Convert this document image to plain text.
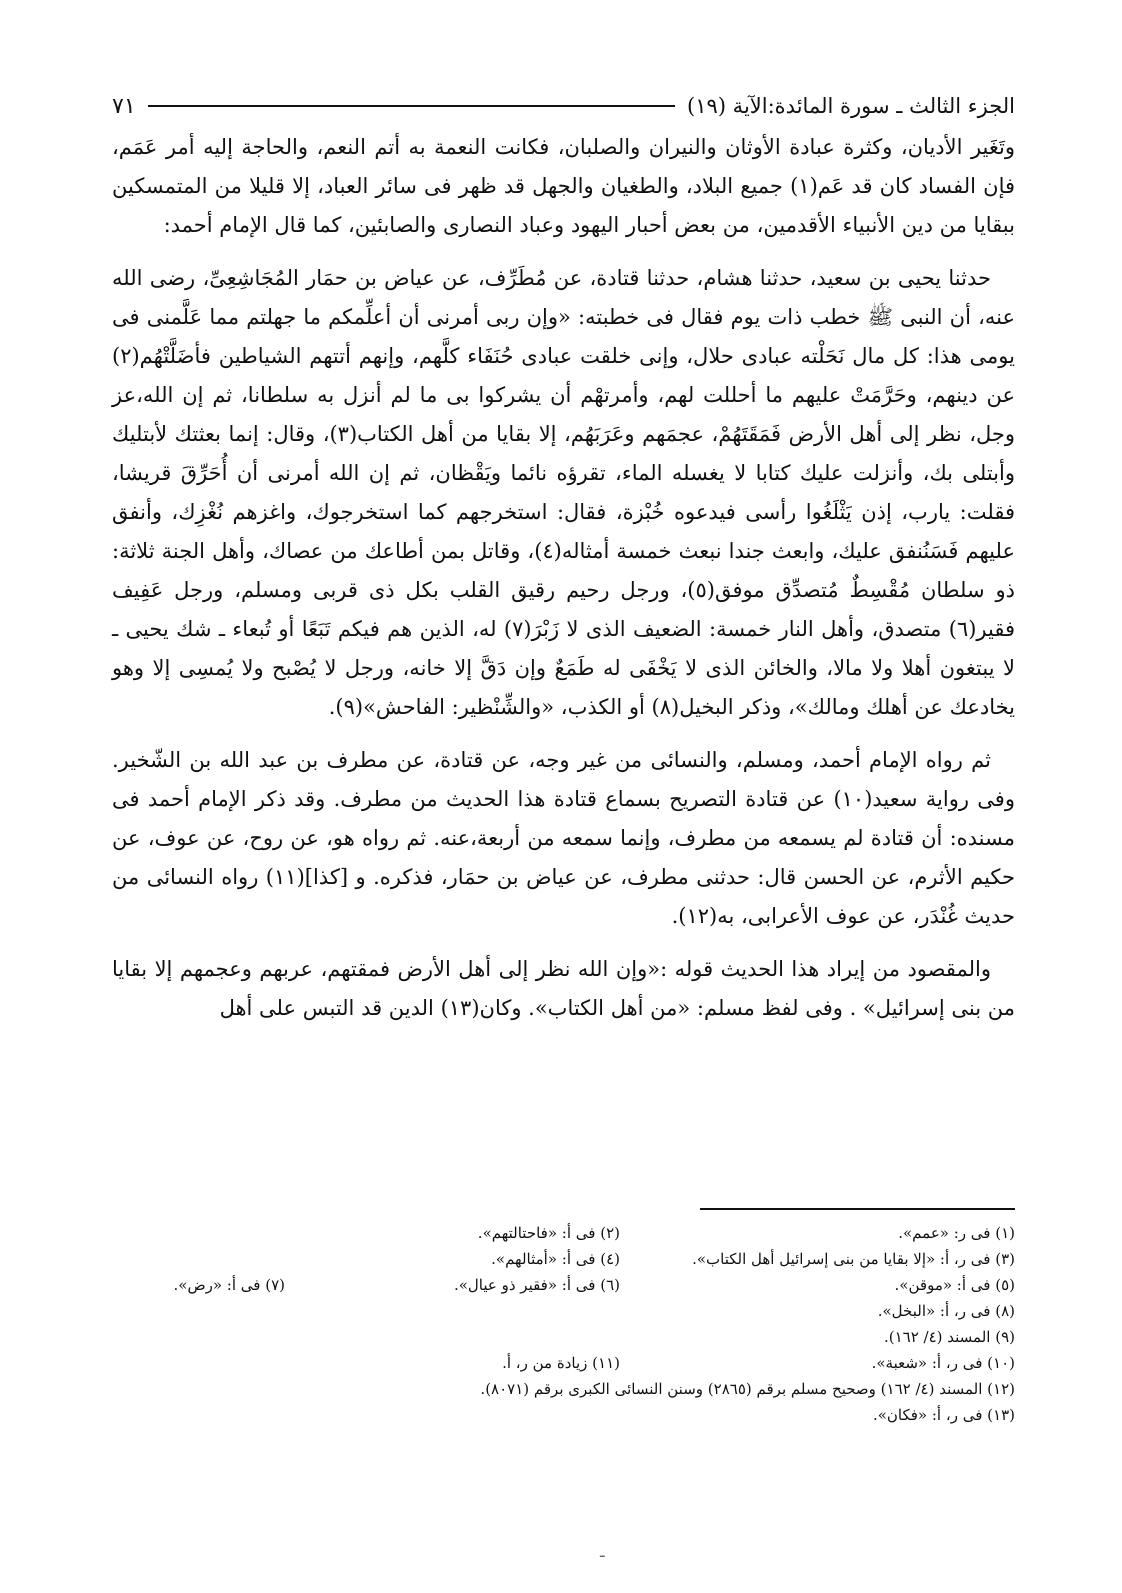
الجزء الثالث ـ سورة المائدة:الآية (١٩)
٧١

وتَغَير الأديان، وكثرة عبادة الأوثان والنيران والصلبان، فكانت النعمة به أتم النعم، والحاجة إليه أمر عَمَم، فإن الفساد كان قد عَم(١) جميع البلاد، والطغيان والجهل قد ظهر فى سائر العباد، إلا قليلا من المتمسكين ببقايا من دين الأنبياء الأقدمين، من بعض أحبار اليهود وعباد النصارى والصابئين، كما قال الإمام أحمد:

حدثنا يحيى بن سعيد، حدثنا هشام، حدثنا قتادة، عن مُطَرِّف، عن عياض بن حمَار المُجَاشِعِىِّ، رضى الله عنه، أن النبى ﷺ خطب ذات يوم فقال فى خطبته: «وإن ربى أمرنى أن أعلِّمكم ما جهلتم مما عَلَّمنى فى يومى هذا: كل مال نَحَلْته عبادى حلال، وإنى خلقت عبادى حُنَفَاء كلَّهم، وإنهم أتتهم الشياطين فأضَلَّتْهُم(٢) عن دينهم، وحَرَّمَتْ عليهم ما أحللت لهم، وأمرتهْم أن يشركوا بى ما لم أنزل به سلطانا، ثم إن الله،عز وجل، نظر إلى أهل الأرض فَمَقَتَهُمْ، عجمَهم وعَرَبَهُم، إلا بقايا من أهل الكتاب(٣)، وقال: إنما بعثتك لأبتليك وأبتلى بك، وأنزلت عليك كتابا لا يغسله الماء، تقرؤه نائما ويَقْظان، ثم إن الله أمرنى أن أُحَرِّقَ قريشا، فقلت: يارب، إذن يَثْلَغُوا رأسى فيدعوه خُبْزة، فقال: استخرجهم كما استخرجوك، واغزهم نُغْزِك، وأنفق عليهم فَسَنُنفق عليك، وابعث جندا نبعث خمسة أمثاله(٤)، وقاتل بمن أطاعك من عصاك، وأهل الجنة ثلاثة: ذو سلطان مُقْسِطٌ مُتصدِّق موفق(٥)، ورجل رحيم رقيق القلب بكل ذى قربى ومسلم، ورجل عَفِيف فقير(٦) متصدق، وأهل النار خمسة: الضعيف الذى لا زَبْرَ(٧) له، الذين هم فيكم تَبَعًا أو تُبعاء ـ شك يحيى ـ لا يبتغون أهلا ولا مالا، والخائن الذى لا يَخْفَى له طَمَعٌ وإن دَقَّ إلا خانه، ورجل لا يُصْبح ولا يُمسِى إلا وهو يخادعك عن أهلك ومالك»، وذكر البخيل(٨) أو الكذب، «والشِّنْظير: الفاحش»(٩).

ثم رواه الإمام أحمد، ومسلم، والنسائى من غير وجه، عن قتادة، عن مطرف بن عبد الله بن الشّخير. وفى رواية سعيد(١٠) عن قتادة التصريح بسماع قتادة هذا الحديث من مطرف. وقد ذكر الإمام أحمد فى مسنده: أن قتادة لم يسمعه من مطرف، وإنما سمعه من أربعة،عنه. ثم رواه هو، عن روح، عن عوف، عن حكيم الأثرم، عن الحسن قال: حدثنى مطرف، عن عياض بن حمَار، فذكره. و [كذا](١١) رواه النسائى من حديث غُنْدَر، عن عوف الأعرابى، به(١٢).

والمقصود من إيراد هذا الحديث قوله :«وإن الله نظر إلى أهل الأرض فمقتهم، عربهم وعجمهم إلا بقايا من بنى إسرائيل» . وفى لفظ مسلم: «من أهل الكتاب». وكان(١٣) الدين قد التبس على أهل

(١) فى ر: «عمم».
(٢) فى أ: «فاحتالتهم».
(٣) فى ر، أ: «إلا بقايا من بنى إسرائيل أهل الكتاب».
(٤) فى أ: «أمثالهم».
(٥) فى أ: «موقن».
(٦) فى أ: «فقير ذو عيال».
(٧) فى أ: «رض».
(٨) فى ر، أ: «البخل».
(٩) المسند (٤/ ١٦٢).
(١٠) فى ر، أ: «شعبة».
(١١) زيادة من ر، أ.
(١٢) المسند (٤/ ١٦٢) وصحيح مسلم برقم (٢٨٦٥) وسنن النسائى الكبرى برقم (٨٠٧١).
(١٣) فى ر، أ: «فكان».
ـ
